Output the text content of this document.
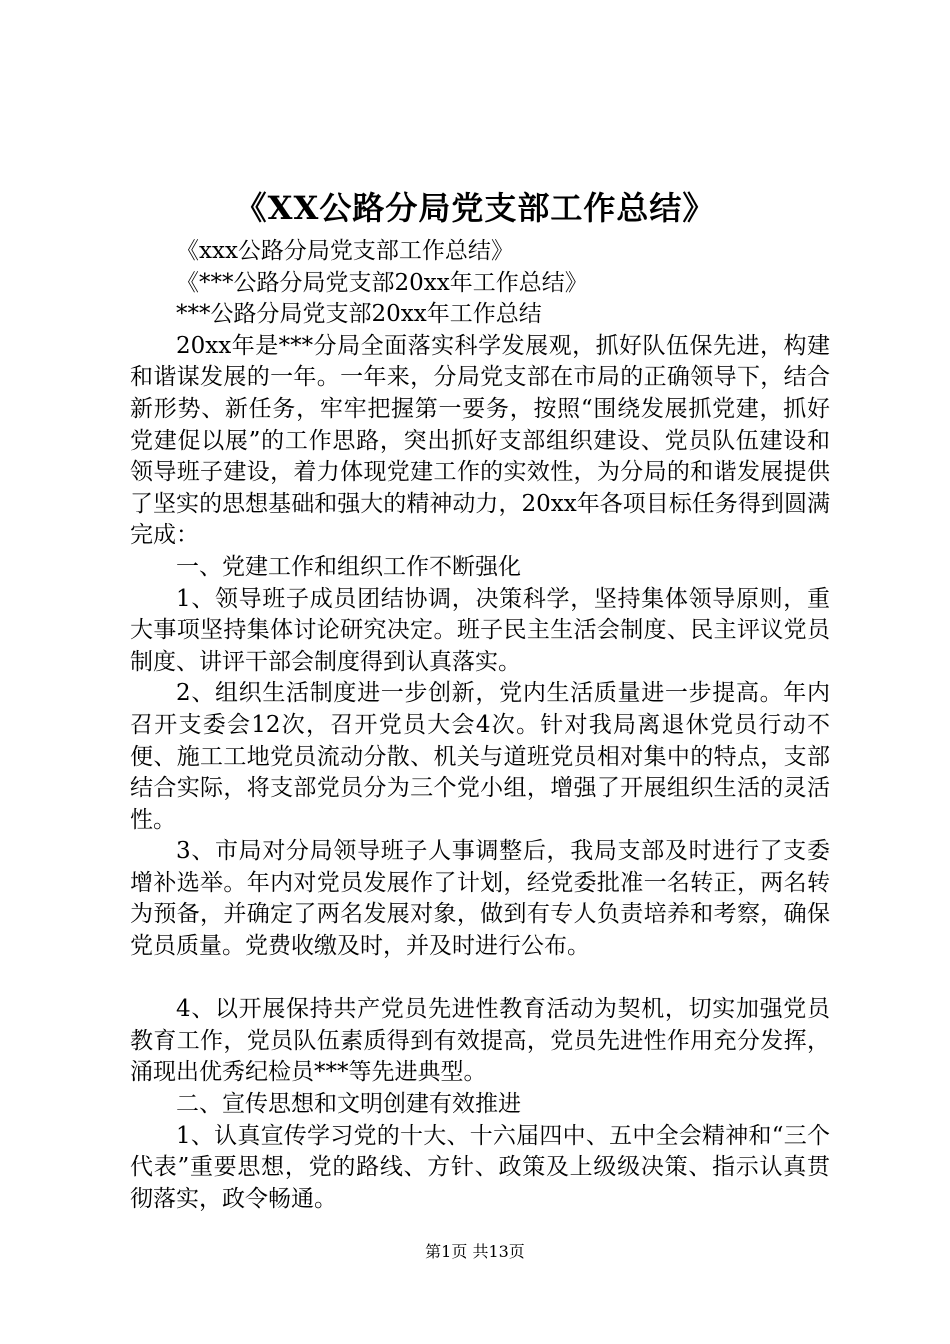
《XX公路分局党支部工作总结》

《xxx公路分局党支部工作总结》

《***公路分局党支部20xx年工作总结》

***公路分局党支部20xx年工作总结

20xx年是***分局全面落实科学发展观，抓好队伍保先进，构建和谐谋发展的一年。一年来，分局党支部在市局的正确领导下，结合新形势、新任务，牢牢把握第一要务，按照“围绕发展抓党建，抓好党建促以展”的工作思路，突出抓好支部组织建设、党员队伍建设和领导班子建设，着力体现党建工作的实效性，为分局的和谐发展提供了坚实的思想基础和强大的精神动力，20xx年各项目标任务得到圆满完成：

一、党建工作和组织工作不断强化

1、领导班子成员团结协调，决策科学，坚持集体领导原则，重大事项坚持集体讨论研究决定。班子民主生活会制度、民主评议党员制度、讲评干部会制度得到认真落实。

2、组织生活制度进一步创新，党内生活质量进一步提高。年内召开支委会12次，召开党员大会4次。针对我局离退休党员行动不便、施工工地党员流动分散、机关与道班党员相对集中的特点，支部结合实际，将支部党员分为三个党小组，增强了开展组织生活的灵活性。

3、市局对分局领导班子人事调整后，我局支部及时进行了支委增补选举。年内对党员发展作了计划，经党委批准一名转正，两名转为预备，并确定了两名发展对象，做到有专人负责培养和考察，确保党员质量。党费收缴及时，并及时进行公布。

4、以开展保持共产党员先进性教育活动为契机，切实加强党员教育工作，党员队伍素质得到有效提高，党员先进性作用充分发挥，涌现出优秀纪检员***等先进典型。

二、宣传思想和文明创建有效推进

1、认真宣传学习党的十大、十六届四中、五中全会精神和“三个代表”重要思想，党的路线、方针、政策及上级级决策、指示认真贯彻落实，政令畅通。

第1页 共13页
